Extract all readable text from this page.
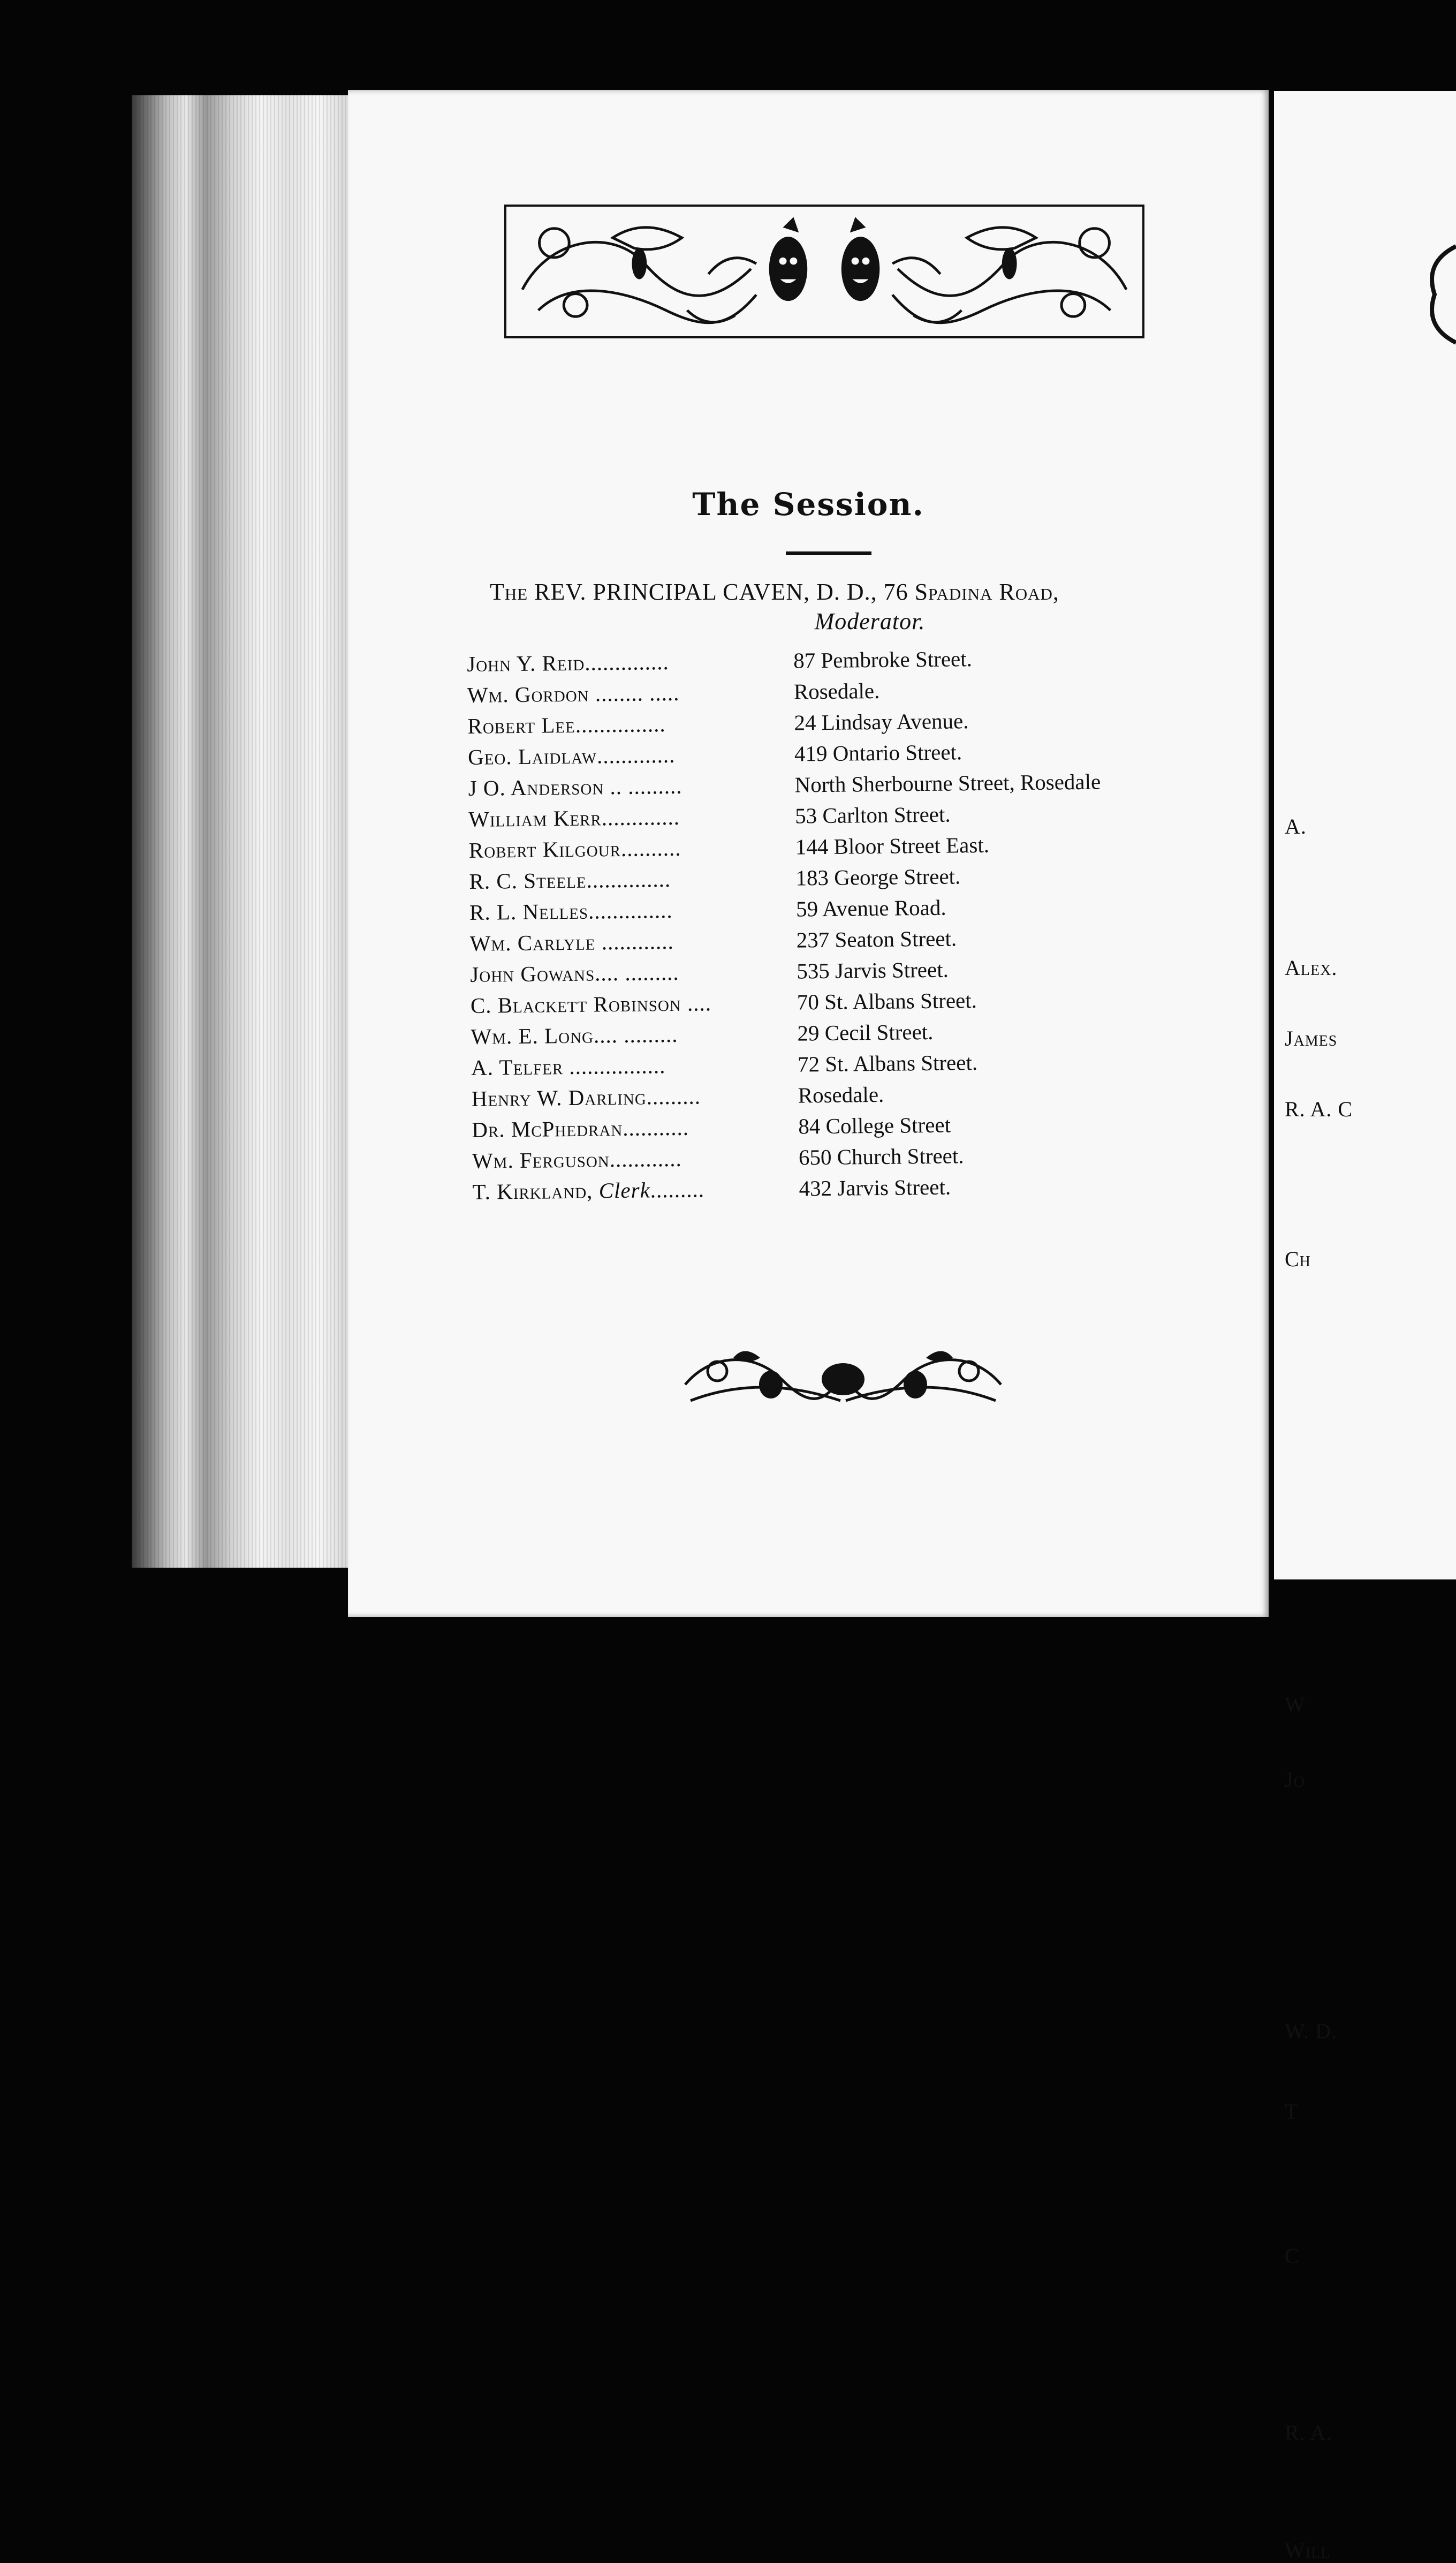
The Session.
The REV. PRINCIPAL CAVEN, D. D., 76 Spadina Road,
Moderator.
John Y. Reid..............	87 Pembroke Street.
Wm. Gordon ........ .....	Rosedale.
Robert Lee...............	24 Lindsay Avenue.
Geo. Laidlaw.............	419 Ontario Street.
J O. Anderson .. .........	North Sherbourne Street, Rosedale
William Kerr.............	53 Carlton Street.
Robert Kilgour..........	144 Bloor Street East.
R. C. Steele..............	183 George Street.
R. L. Nelles..............	59 Avenue Road.
Wm. Carlyle ............	237 Seaton Street.
John Gowans.... .........	535 Jarvis Street.
C. Blackett Robinson ....	70 St. Albans Street.
Wm. E. Long.... .........	29 Cecil Street.
A. Telfer ................	72 St. Albans Street.
Henry W. Darling.........	Rosedale.
Dr. McPhedran...........	84 College Street
Wm. Ferguson............	650 Church Street.
T. Kirkland, Clerk.........	432 Jarvis Street.
A.
Alex.
James
R. A. C
Ch
W
Jo
W. D.
T
C
R. A.
Will
